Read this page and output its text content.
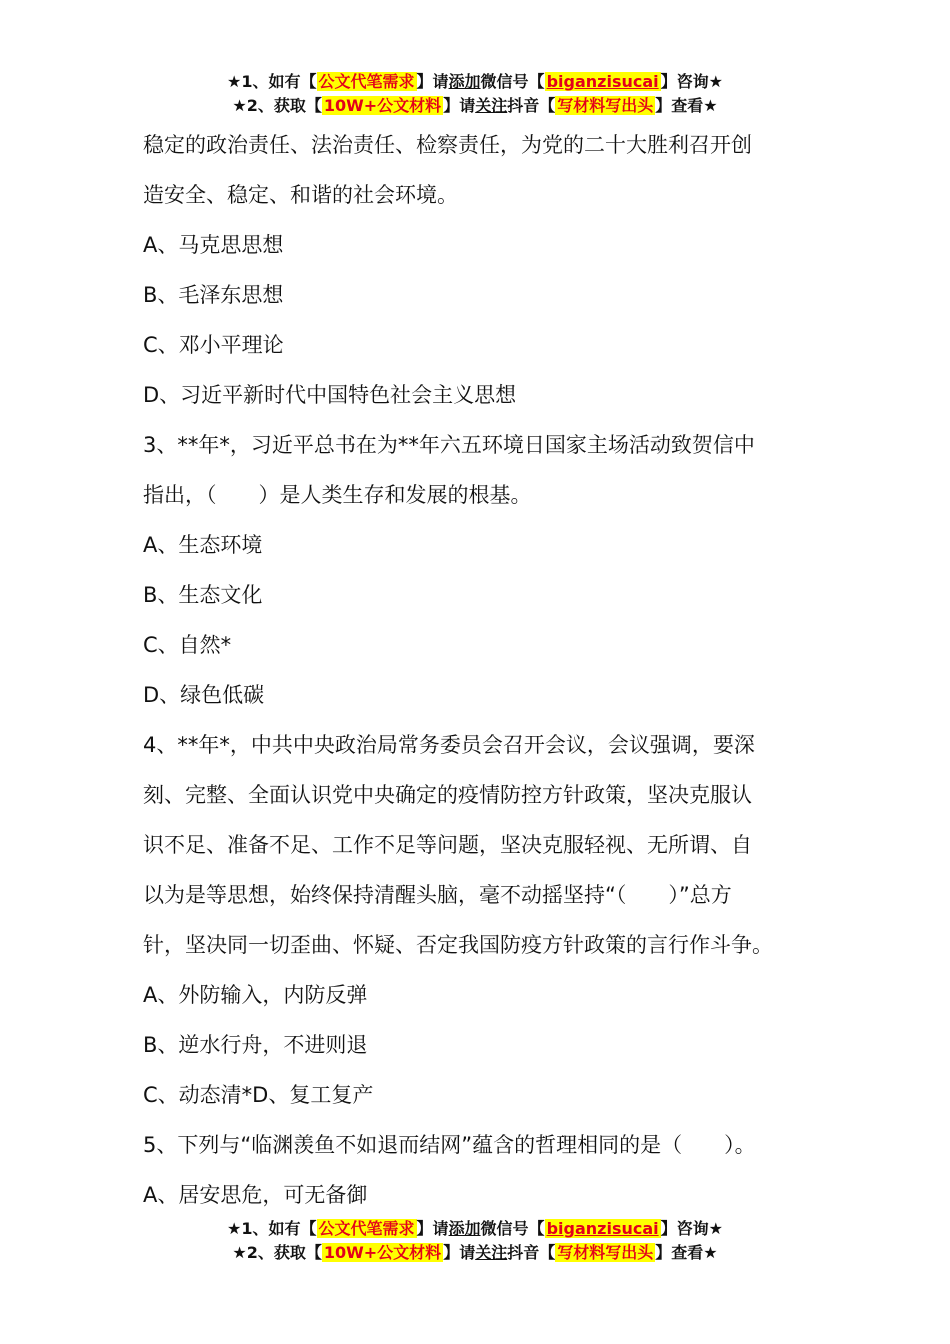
★1、如有【 公文代笔需求 】请添加微信号【 biganzisucai 】咨询★
★2、获取【 10W+公文材料 】请关注抖音【 写材料写出头 】查看★

稳定的政治责任、法治责任、检察责任，为党的二十大胜利召开创

造安全、稳定、和谐的社会环境。

A、马克思思想

B、毛泽东思想

C、邓小平理论

D、习近平新时代中国特色社会主义思想

3、**年*，习近平总书在为**年六五环境日国家主场活动致贺信中

指出，（　　）是人类生存和发展的根基。

A、生态环境

B、生态文化

C、自然*

D、绿色低碳

4、**年*，中共中央政治局常务委员会召开会议，会议强调，要深

刻、完整、全面认识党中央确定的疫情防控方针政策，坚决克服认

识不足、准备不足、工作不足等问题，坚决克服轻视、无所谓、自

以为是等思想，始终保持清醒头脑，毫不动摇坚持“（　　）”总方

针，坚决同一切歪曲、怀疑、否定我国防疫方针政策的言行作斗争。

A、外防输入，内防反弹

B、逆水行舟，不进则退

C、动态清*D、复工复产

5、下列与“临渊羡鱼不如退而结网”蕴含的哲理相同的是（　　）。

A、居安思危，可无备御

★1、如有【 公文代笔需求 】请添加微信号【 biganzisucai 】咨询★
★2、获取【 10W+公文材料 】请关注抖音【 写材料写出头 】查看★
